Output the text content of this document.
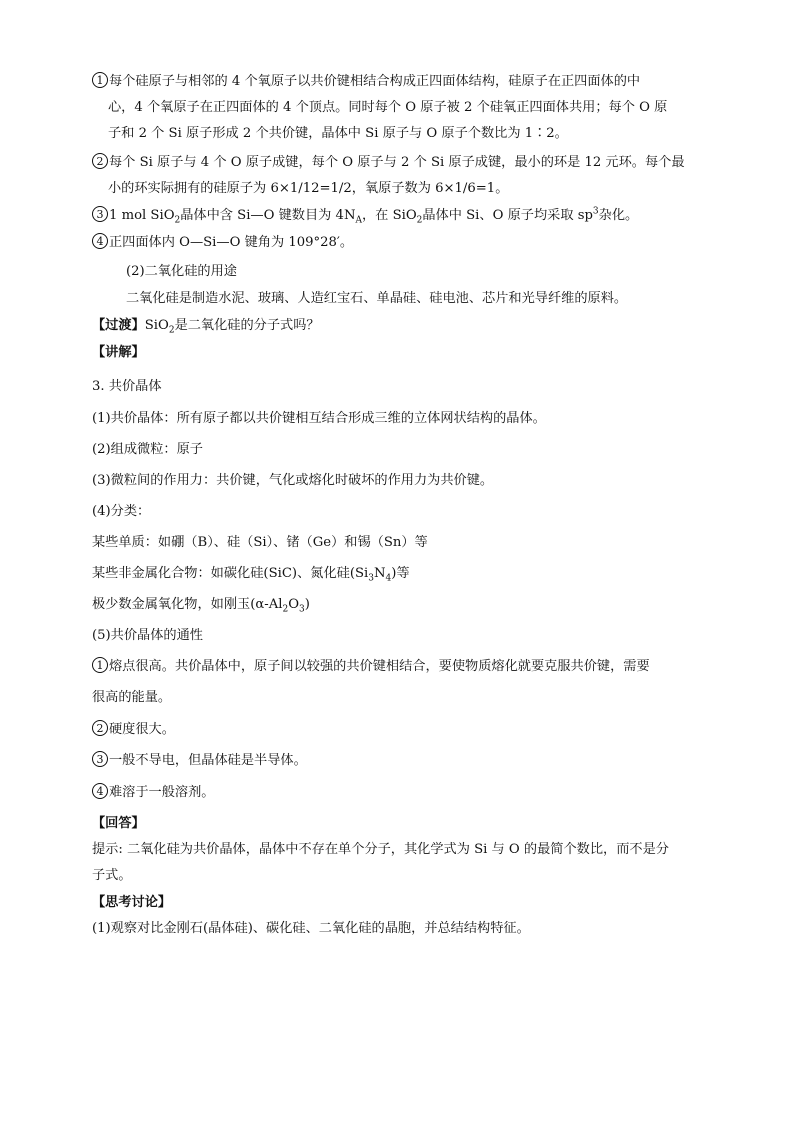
1 每个硅原子与相邻的 4 个氧原子以共价键相结合构成正四面体结构，硅原子在正四面体的中
心，4 个氧原子在正四面体的 4 个顶点。同时每个 O 原子被 2 个硅氧正四面体共用；每个 O 原
子和 2 个 Si 原子形成 2 个共价键，晶体中 Si 原子与 O 原子个数比为 1∶2。
2 每个 Si 原子与 4 个 O 原子成键，每个 O 原子与 2 个 Si 原子成键，最小的环是 12 元环。每个最
小的环实际拥有的硅原子为 6×1/12=1/2，氧原子数为 6×1/6=1。
3 1 mol SiO$_2$晶体中含 Si—O 键数目为 $4N_A$，在 SiO$_2$晶体中 Si、O 原子均采取 $sp^3$杂化。
4 正四面体内 O—Si—O 键角为 109°28′。
(2)二氧化硅的用途
二氧化硅是制造水泥、玻璃、人造红宝石、单晶硅、硅电池、芯片和光导纤维的原料。
【过渡】SiO$_2$是二氧化硅的分子式吗？
【讲解】
3. 共价晶体
(1)共价晶体：所有原子都以共价键相互结合形成三维的立体网状结构的晶体。
(2)组成微粒：原子
(3)微粒间的作用力：共价键，气化或熔化时破坏的作用力为共价键。
(4)分类：
某些单质：如硼（B）、硅（Si）、锗（Ge）和锡（Sn）等
某些非金属化合物：如碳化硅(SiC)、氮化硅$(Si_3N_4)$等
极少数金属氧化物，如刚玉$(\alpha-Al_2O_3)$
(5)共价晶体的通性
1 熔点很高。共价晶体中，原子间以较强的共价键相结合，要使物质熔化就要克服共价键，需要
很高的能量。
2 硬度很大。
3 一般不导电，但晶体硅是半导体。
4 难溶于一般溶剂。
【回答】
提示: 二氧化硅为共价晶体，晶体中不存在单个分子，其化学式为 Si 与 O 的最简个数比，而不是分
子式。
【思考讨论】
(1)观察对比金刚石(晶体硅)、碳化硅、二氧化硅的晶胞，并总结结构特征。
